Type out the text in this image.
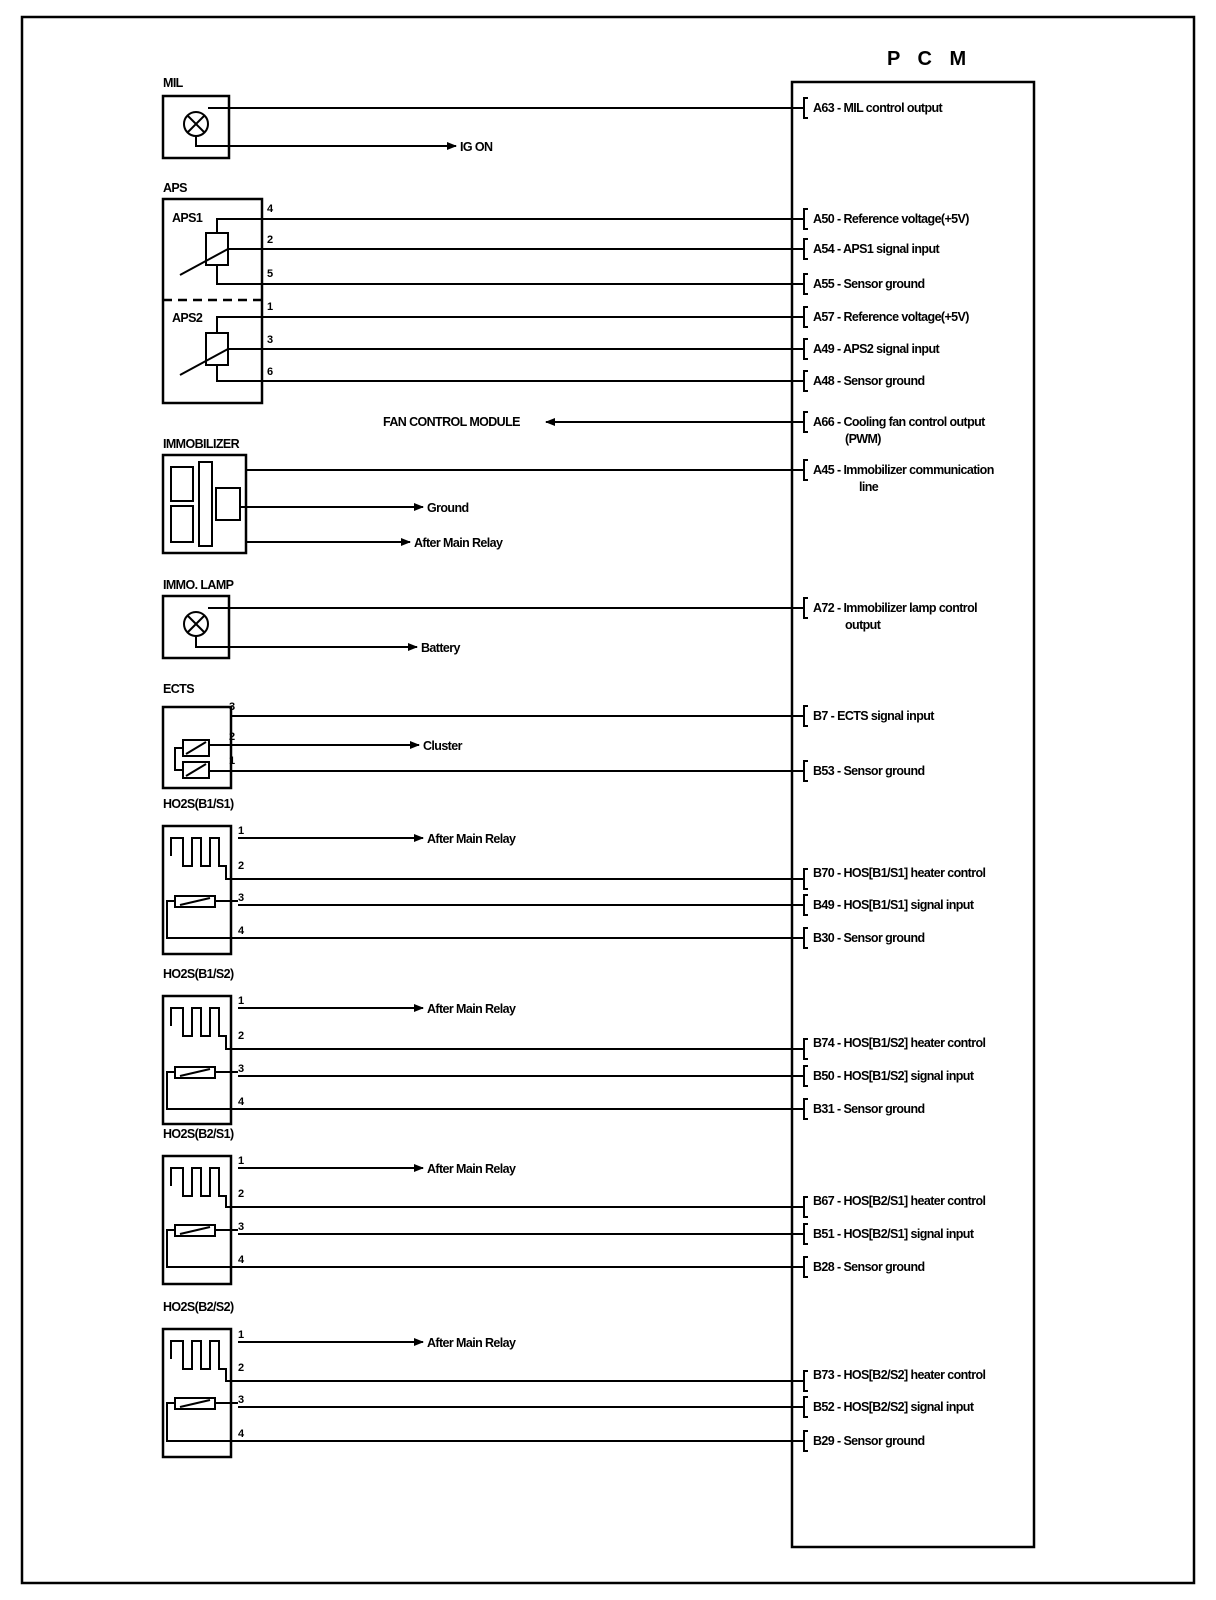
P C M
MIL
IG ON
APS
APS1
APS2
4
2
5
1
3
6
FAN CONTROL MODULE
IMMOBILIZER
Ground
After Main Relay
IMMO. LAMP
Battery
ECTS
3
2
1
Cluster
HO2S(B1/S1)
1
2
3
4
After Main Relay
HO2S(B1/S2)
1
2
3
4
After Main Relay
HO2S(B2/S1)
1
2
3
4
After Main Relay
HO2S(B2/S2)
1
2
3
4
After Main Relay
A63 - MIL control output
A50 - Reference voltage(+5V)
A54 - APS1 signal input
A55 - Sensor ground
A57 - Reference voltage(+5V)
A49 - APS2 signal input
A48 - Sensor ground
A66 - Cooling fan control output
(PWM)
A45 - Immobilizer communication
line
A72 - Immobilizer lamp control
output
B7 - ECTS signal input
B53 - Sensor ground
B70 - HOS[B1/S1] heater control
B49 - HOS[B1/S1] signal input
B30 - Sensor ground
B74 - HOS[B1/S2] heater control
B50 - HOS[B1/S2] signal input
B31 - Sensor ground
B67 - HOS[B2/S1] heater control
B51 - HOS[B2/S1] signal input
B28 - Sensor ground
B73 - HOS[B2/S2] heater control
B52 - HOS[B2/S2] signal input
B29 - Sensor ground
